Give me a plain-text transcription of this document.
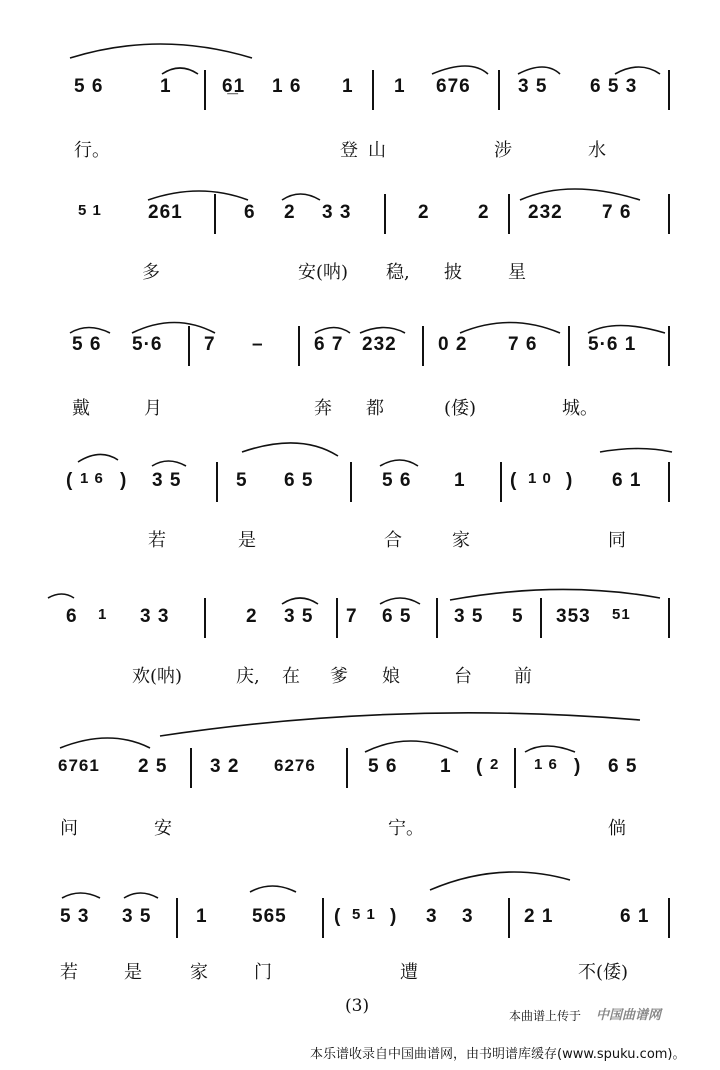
5 6	1	6̲1 1 6 1 1 676 3 5 6 5 3
行。	登山	涉	水
5 1 261	6 2 3 3	2	2 232 7 6
多	安(呐) 稳, 披	星
5 6 5·6 7 –	6 7 232 0 2 7 6	5·6 1
戴	月	奔 都	(倭)	城。
( 1 6 ) 3 5	5 6 5	5 6 1 ( 1 0 ) 6 1
若	是	合	家	同
6 1 3 3	2 3 5 7 6 5 3 5 5 353 51
欢(呐)	庆, 在 爹 娘	台 前
6761 2 5 3 2 6276	5 6 1 ( 2 1 6 ) 6 5
问	安	宁。	倘
5 3 3 5 1 565 ( 5 1 ) 3 3	2 1	6 1
若	是	家	门	遭	不(倭)
(3)	本曲谱上传于 中国曲谱网
本乐谱收录自中国曲谱网，由书明谱库缓存(www.spuku.com)。
